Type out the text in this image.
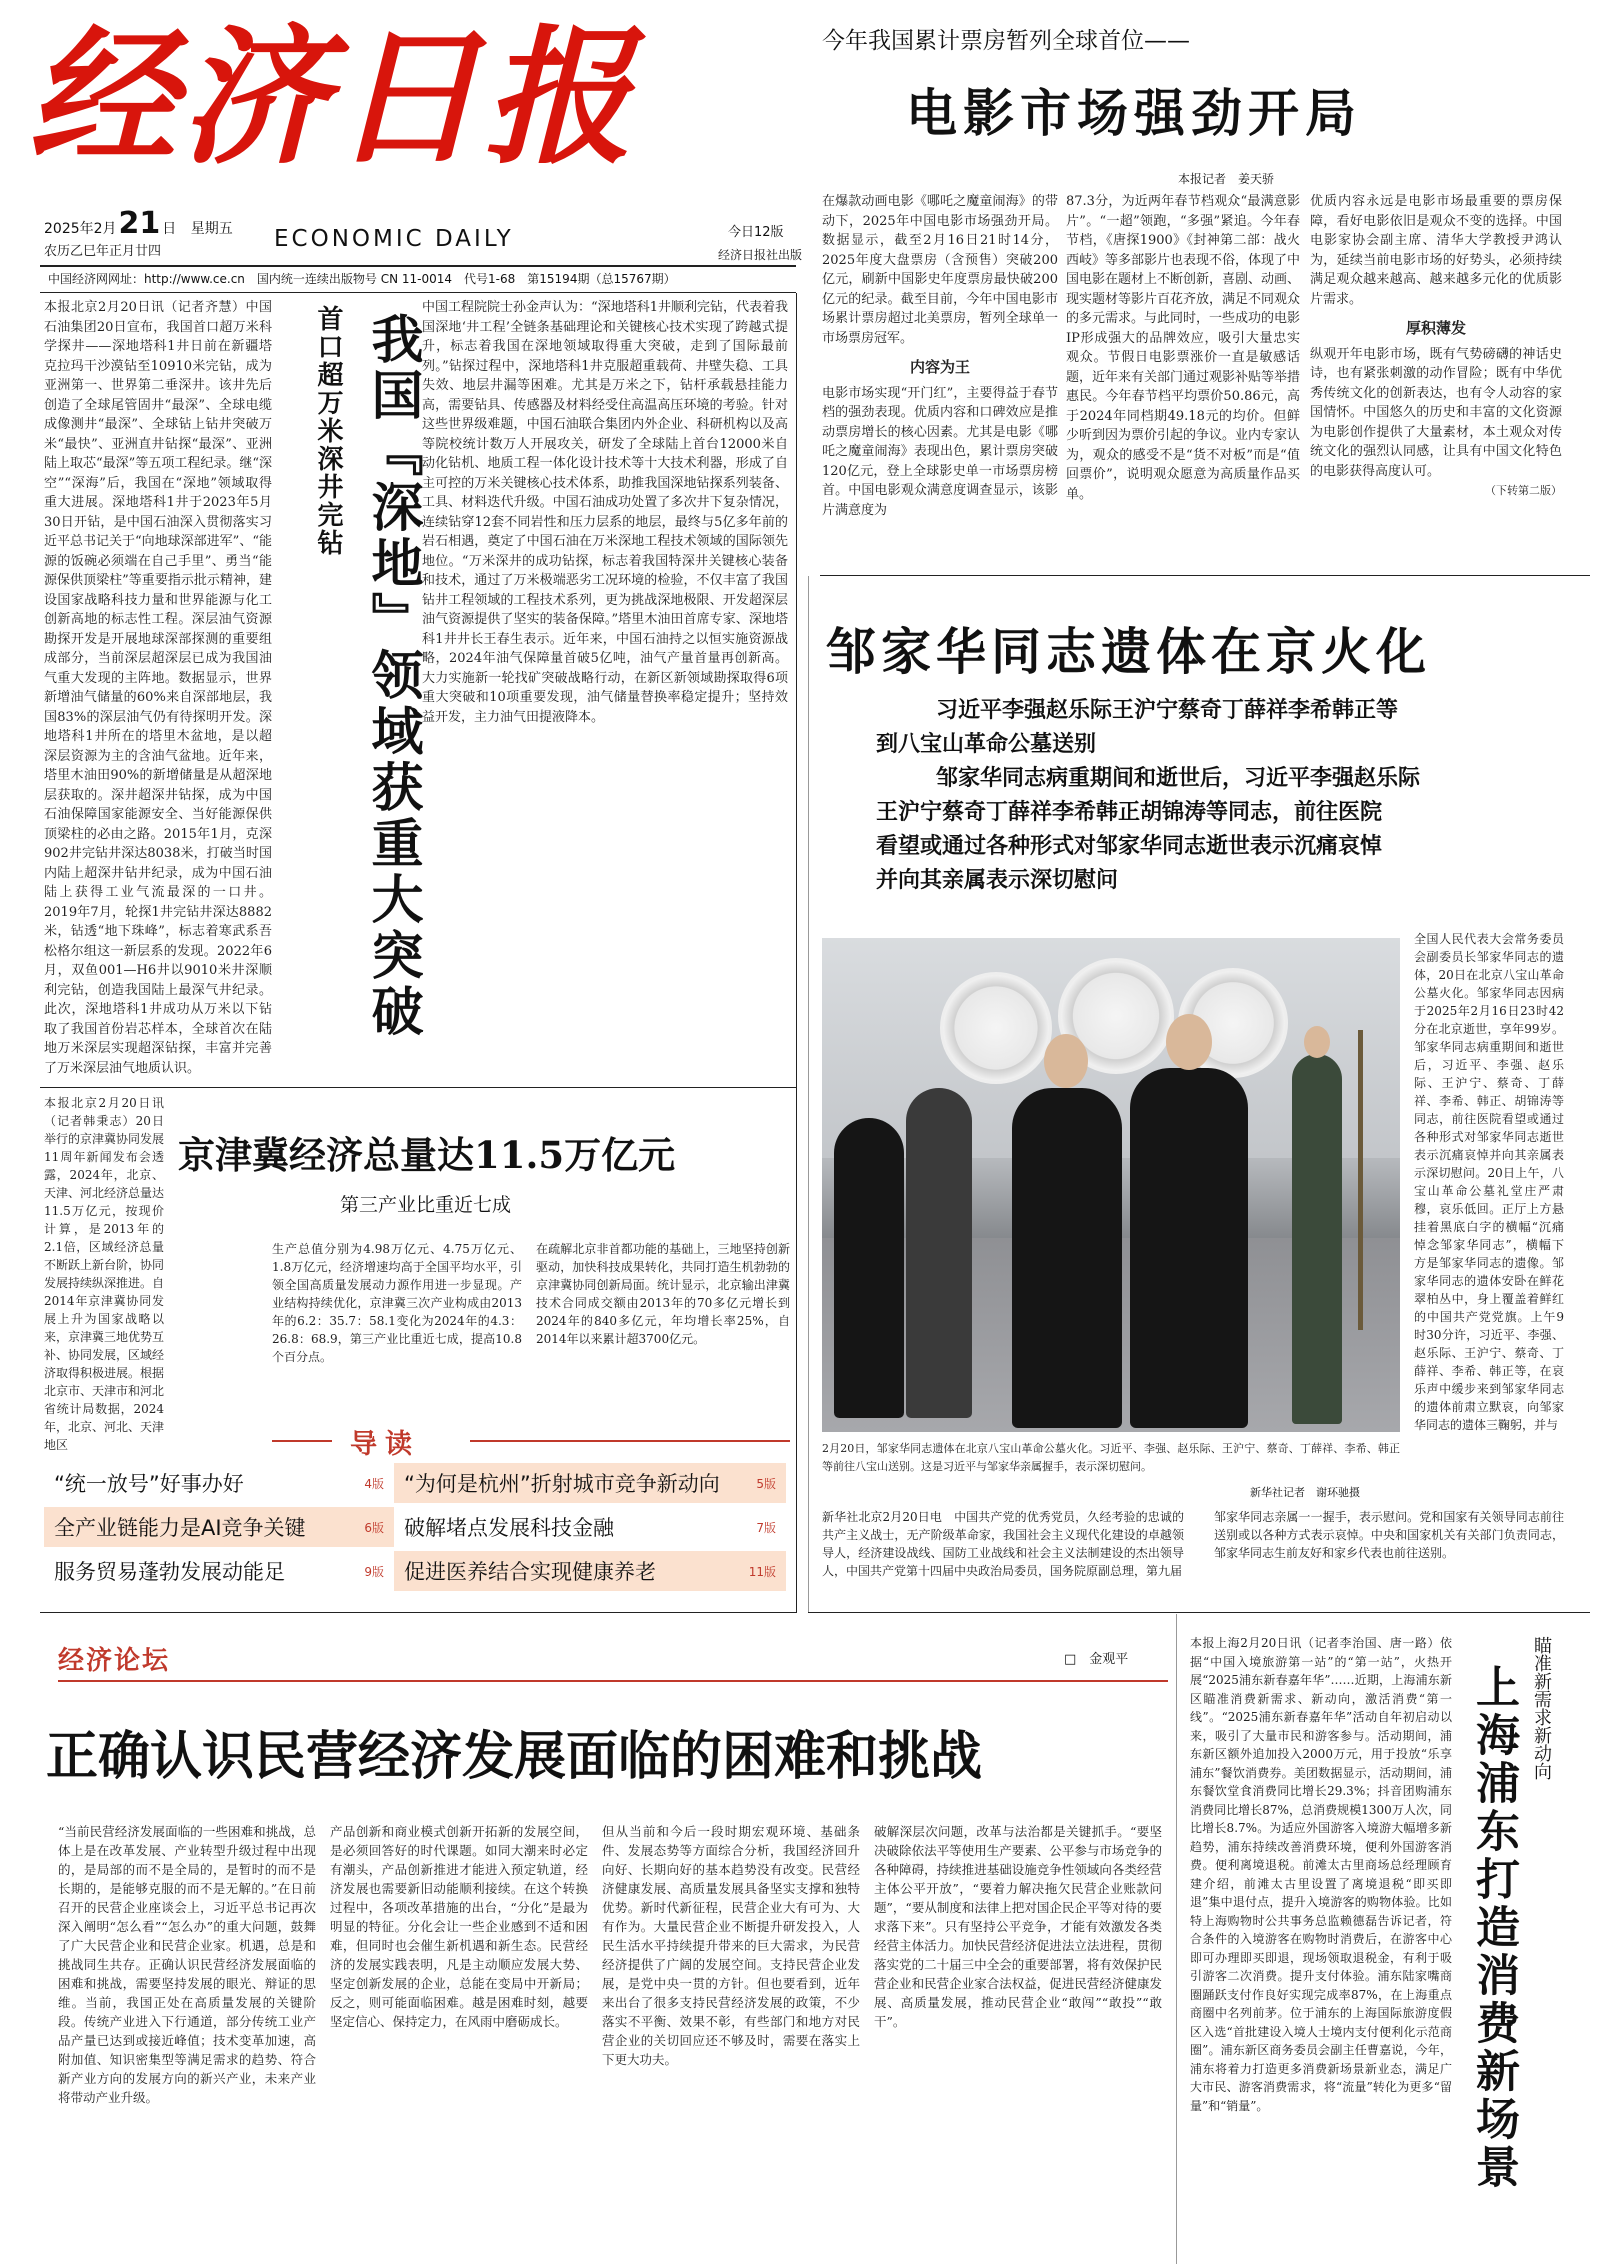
经济日报
2025年2月21 日 星期五
农历乙巳年正月廿四	ECONOMIC DAILY	今日12版
经济日报社出版
中国经济网网址：http://www.ce.cn　国内统一连续出版物号 CN 11-0014　代号1-68　第15194期（总15767期）
今年我国累计票房暂列全球首位——
电影市场强劲开局
本报记者　姜天骄
在爆款动画电影《哪吒之魔童闹海》的带动下，2025年中国电影市场强劲开局。数据显示，截至2月16日21时14分，2025年度大盘票房（含预售）突破200亿元，刷新中国影史年度票房最快破200亿元的纪录。截至目前，今年中国电影市场累计票房超过北美票房，暂列全球单一市场票房冠军。
内容为王
电影市场实现“开门红”，主要得益于春节档的强劲表现。优质内容和口碑效应是推动票房增长的核心因素。尤其是电影《哪吒之魔童闹海》表现出色，累计票房突破120亿元，登上全球影史单一市场票房榜首。中国电影观众满意度调查显示，该影片满意度为
87.3分，为近两年春节档观众“最满意影片”。“一超”领跑，“多强”紧追。今年春节档，《唐探1900》《封神第二部：战火西岐》等多部影片也表现不俗，体现了中国电影在题材上不断创新，喜剧、动画、现实题材等影片百花齐放，满足不同观众的多元需求。与此同时，一些成功的电影IP形成强大的品牌效应，吸引大量忠实观众。节假日电影票涨价一直是敏感话题，近年来有关部门通过观影补贴等举措惠民。今年春节档平均票价50.86元，高于2024年同档期49.18元的均价。但鲜少听到因为票价引起的争议。业内专家认为，观众的感受不是“货不对板”而是“值回票价”，说明观众愿意为高质量作品买单。
优质内容永远是电影市场最重要的票房保障，看好电影依旧是观众不变的选择。中国电影家协会副主席、清华大学教授尹鸿认为，延续当前电影市场的好势头，必须持续满足观众越来越高、越来越多元化的优质影片需求。
厚积薄发
纵观开年电影市场，既有气势磅礴的神话史诗，也有紧张刺激的动作冒险；既有中华优秀传统文化的创新表达，也有令人动容的家国情怀。中国悠久的历史和丰富的文化资源为电影创作提供了大量素材，本土观众对传统文化的强烈认同感，让具有中国文化特色的电影获得高度认可。
（下转第二版）
本报北京2月20日讯（记者齐慧）中国石油集团20日宣布，我国首口超万米科学探井——深地塔科1井日前在新疆塔克拉玛干沙漠钻至10910米完钻，成为亚洲第一、世界第二垂深井。该井先后创造了全球尾管固井“最深”、全球电缆成像测井“最深”、全球钻上钻井突破万米“最快”、亚洲直井钻探“最深”、亚洲陆上取芯“最深”等五项工程纪录。继“深空”“深海”后，我国在“深地”领域取得重大进展。深地塔科1井于2023年5月30日开钻，是中国石油深入贯彻落实习近平总书记关于“向地球深部进军”、“能源的饭碗必须端在自己手里”、勇当“能源保供顶梁柱”等重要指示批示精神，建设国家战略科技力量和世界能源与化工创新高地的标志性工程。深层油气资源勘探开发是开展地球深部探测的重要组成部分，当前深层超深层已成为我国油气重大发现的主阵地。数据显示，世界新增油气储量的60%来自深部地层，我国83%的深层油气仍有待探明开发。深地塔科1井所在的塔里木盆地，是以超深层资源为主的含油气盆地。近年来，塔里木油田90%的新增储量是从超深地层获取的。深井超深井钻探，成为中国石油保障国家能源安全、当好能源保供顶梁柱的必由之路。2015年1月，克深902井完钻井深达8038米，打破当时国内陆上超深井钻井纪录，成为中国石油陆上获得工业气流最深的一口井。2019年7月，轮探1井完钻井深达8882米，钻透“地下珠峰”，标志着寒武系吾松格尔组这一新层系的发现。2022年6月，双鱼001—H6井以9010米井深顺利完钻，创造我国陆上最深气井纪录。此次，深地塔科1井成功从万米以下钻取了我国首份岩芯样本，全球首次在陆地万米深层实现超深钻探，丰富并完善了万米深层油气地质认识。
首口超万米深井完钻 我国『深地』领域获重大突破
中国工程院院士孙金声认为：“深地塔科1井顺利完钻，代表着我国深地‘井工程’全链条基础理论和关键核心技术实现了跨越式提升，标志着我国在深地领域取得重大突破，走到了国际最前列。”钻探过程中，深地塔科1井克服超重载荷、井壁失稳、工具失效、地层井漏等困难。尤其是万米之下，钻杆承载悬挂能力高，需要钻具、传感器及材料经受住高温高压环境的考验。针对这些世界级难题，中国石油联合集团内外企业、科研机构以及高等院校统计数万人开展攻关，研发了全球陆上首台12000米自动化钻机、地质工程一体化设计技术等十大技术利器，形成了自主可控的万米关键核心技术体系，助推我国深地钻探系列装备、工具、材料迭代升级。中国石油成功处置了多次井下复杂情况，连续钻穿12套不同岩性和压力层系的地层，最终与5亿多年前的岩石相遇，奠定了中国石油在万米深地工程技术领域的国际领先地位。“万米深井的成功钻探，标志着我国特深井关键核心装备和技术，通过了万米极端恶劣工况环境的检验，不仅丰富了我国钻井工程领域的工程技术系列，更为挑战深地极限、开发超深层油气资源提供了坚实的装备保障。”塔里木油田首席专家、深地塔科1井井长王春生表示。近年来，中国石油持之以恒实施资源战略，2024年油气保障量首破5亿吨，油气产量首量再创新高。大力实施新一轮找矿突破战略行动，在新区新领域勘探取得6项重大突破和10项重要发现，油气储量替换率稳定提升；坚持效益开发，主力油气田提液降本。
本报北京2月20日讯（记者韩秉志）20日举行的京津冀协同发展11周年新闻发布会透露，2024年，北京、天津、河北经济总量达11.5万亿元，按现价计算，是2013年的2.1倍，区域经济总量不断跃上新台阶，协同发展持续纵深推进。自2014年京津冀协同发展上升为国家战略以来，京津冀三地优势互补、协同发展，区域经济取得积极进展。根据北京市、天津市和河北省统计局数据，2024年，北京、河北、天津地区
京津冀经济总量达11.5万亿元
第三产业比重近七成
生产总值分别为4.98万亿元、4.75万亿元、1.8万亿元，经济增速均高于全国平均水平，引领全国高质量发展动力源作用进一步显现。产业结构持续优化，京津冀三次产业构成由2013年的6.2：35.7：58.1变化为2024年的4.3：26.8：68.9，第三产业比重近七成，提高10.8个百分点。
在疏解北京非首都功能的基础上，三地坚持创新驱动，加快科技成果转化，共同打造生机勃勃的京津冀协同创新局面。统计显示，北京输出津冀技术合同成交额由2013年的70多亿元增长到2024年的840多亿元，年均增长率25%，自2014年以来累计超3700亿元。
导读
“统一放号”好事办好	4版 “为何是杭州”折射城市竞争新动向	5版
全产业链能力是AI竞争关键	6版 破解堵点发展科技金融	7版
服务贸易蓬勃发展动能足	9版 促进医养结合实现健康养老	11版
邹家华同志遗体在京火化
习近平李强赵乐际王沪宁蔡奇丁薛祥李希韩正等
到八宝山革命公墓送别
邹家华同志病重期间和逝世后，习近平李强赵乐际
王沪宁蔡奇丁薛祥李希韩正胡锦涛等同志，前往医院
看望或通过各种形式对邹家华同志逝世表示沉痛哀悼
并向其亲属表示深切慰问
2月20日，邹家华同志遗体在北京八宝山革命公墓火化。习近平、李强、赵乐际、王沪宁、蔡奇、丁薛祥、李希、韩正等前往八宝山送别。这是习近平与邹家华亲属握手，表示深切慰问。
新华社记者　谢环驰摄
全国人民代表大会常务委员会副委员长邹家华同志的遗体，20日在北京八宝山革命公墓火化。邹家华同志因病于2025年2月16日23时42分在北京逝世，享年99岁。邹家华同志病重期间和逝世后，习近平、李强、赵乐际、王沪宁、蔡奇、丁薛祥、李希、韩正、胡锦涛等同志，前往医院看望或通过各种形式对邹家华同志逝世表示沉痛哀悼并向其亲属表示深切慰问。20日上午，八宝山革命公墓礼堂庄严肃穆，哀乐低回。正厅上方悬挂着黑底白字的横幅“沉痛悼念邹家华同志”，横幅下方是邹家华同志的遗像。邹家华同志的遗体安卧在鲜花翠柏丛中，身上覆盖着鲜红的中国共产党党旗。上午9时30分许，习近平、李强、赵乐际、王沪宁、蔡奇、丁薛祥、李希、韩正等，在哀乐声中缓步来到邹家华同志的遗体前肃立默哀，向邹家华同志的遗体三鞠躬，并与
新华社北京2月20日电　中国共产党的优秀党员，久经考验的忠诚的共产主义战士，无产阶级革命家，我国社会主义现代化建设的卓越领导人，经济建设战线、国防工业战线和社会主义法制建设的杰出领导人，中国共产党第十四届中央政治局委员，国务院原副总理，第九届
邹家华同志亲属一一握手，表示慰问。党和国家有关领导同志前往送别或以各种方式表示哀悼。中央和国家机关有关部门负责同志，邹家华同志生前友好和家乡代表也前往送别。
经济论坛	□　金观平
正确认识民营经济发展面临的困难和挑战
“当前民营经济发展面临的一些困难和挑战，总体上是在改革发展、产业转型升级过程中出现的，是局部的而不是全局的，是暂时的而不是长期的，是能够克服的而不是无解的。”在日前召开的民营企业座谈会上，习近平总书记再次深入阐明“怎么看”“怎么办”的重大问题，鼓舞了广大民营企业和民营企业家。机遇，总是和挑战同生共存。正确认识民营经济发展面临的困难和挑战，需要坚持发展的眼光、辩证的思维。当前，我国正处在高质量发展的关键阶段。传统产业进入下行通道，部分传统工业产品产量已达到或接近峰值；技术变革加速，高附加值、知识密集型等满足需求的趋势、符合新产业方向的发展方向的新兴产业，未来产业将带动产业升级。
产品创新和商业模式创新开拓新的发展空间，是必须回答好的时代课题。如同大潮来时必定有潮头，产品创新推进才能进入预定轨道，经济发展也需要新旧动能顺利接续。在这个转换过程中，各项改革措施的出台，“分化”是最为明显的特征。分化会让一些企业感到不适和困难，但同时也会催生新机遇和新生态。民营经济的发展实践表明，凡是主动顺应发展大势、坚定创新发展的企业，总能在变局中开新局；反之，则可能面临困难。越是困难时刻，越要坚定信心、保持定力，在风雨中磨砺成长。
但从当前和今后一段时期宏观环境、基础条件、发展态势等方面综合分析，我国经济回升向好、长期向好的基本趋势没有改变。民营经济健康发展、高质量发展具备坚实支撑和独特优势。新时代新征程，民营企业大有可为、大有作为。大量民营企业不断提升研发投入，人民生活水平持续提升带来的巨大需求，为民营经济提供了广阔的发展空间。支持民营企业发展，是党中央一贯的方针。但也要看到，近年来出台了很多支持民营经济发展的政策，不少落实不平衡、效果不彰，有些部门和地方对民营企业的关切回应还不够及时，需要在落实上下更大功夫。
破解深层次问题，改革与法治都是关键抓手。“要坚决破除依法平等使用生产要素、公平参与市场竞争的各种障碍，持续推进基础设施竞争性领域向各类经营主体公平开放”，“要着力解决拖欠民营企业账款问题”，“要从制度和法律上把对国企民企平等对待的要求落下来”。只有坚持公平竞争，才能有效激发各类经营主体活力。加快民营经济促进法立法进程，贯彻落实党的二十届三中全会的重要部署，将有效保护民营企业和民营企业家合法权益，促进民营经济健康发展、高质量发展，推动民营企业“敢闯”“敢投”“敢干”。
本报上海2月20日讯（记者李治国、唐一路）依据“中国入境旅游第一站”的“第一站”，火热开展“2025浦东新春嘉年华”……近期，上海浦东新区瞄准消费新需求、新动向，激活消费“第一线”。“2025浦东新春嘉年华”活动自年初启动以来，吸引了大量市民和游客参与。活动期间，浦东新区额外追加投入2000万元，用于投放“乐享浦东”餐饮消费券。美团数据显示，活动期间，浦东餐饮堂食消费同比增长29.3%；抖音团购浦东消费同比增长87%，总消费规模1300万人次，同比增长8.7%。为适应外国游客入境游大幅增多新趋势，浦东持续改善消费环境，便利外国游客消费。便利离境退税。前滩太古里商场总经理顾育建介绍，前滩太古里设置了离境退税“即买即退”集中退付点，提升入境游客的购物体验。比如特上海购物时公共事务总监赖德磊告诉记者，符合条件的入境游客在购物时消费后，在游客中心即可办理即买即退，现场领取退税金，有利于吸引游客二次消费。提升支付体验。浦东陆家嘴商圈踊跃支付作良好实现完成率87%，在上海重点商圈中名列前茅。位于浦东的上海国际旅游度假区入选“首批建设入境人士境内支付便利化示范商圈”。浦东新区商务委员会副主任曹嘉说，今年，浦东将着力打造更多消费新场景新业态，满足广大市民、游客消费需求，将“流量”转化为更多“留量”和“销量”。
瞄准新需求新动向
上海浦东打造消费新场景
